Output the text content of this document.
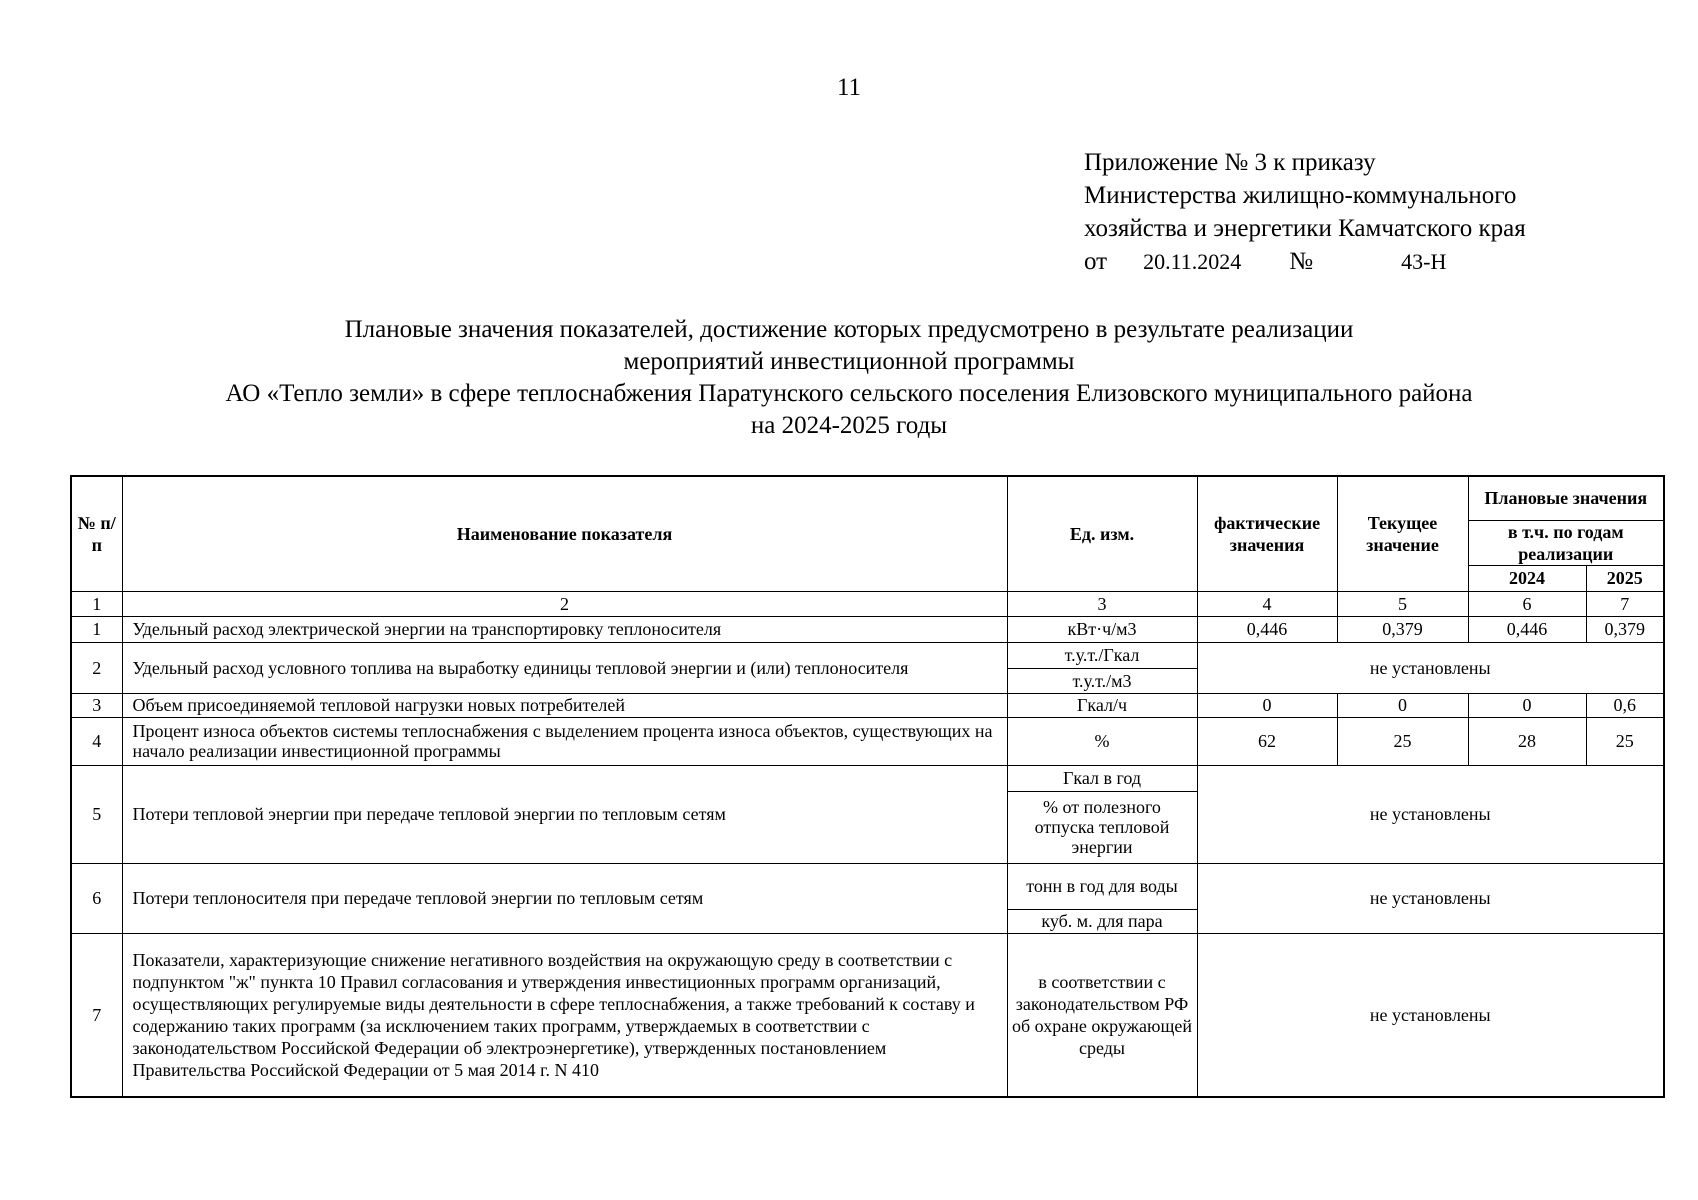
11
Приложение № 3 к приказу
Министерства жилищно-коммунального
хозяйства и энергетики Камчатского края
от 20.11.2024 №	43-Н
Плановые значения показателей, достижение которых предусмотрено в результате реализации
мероприятий инвестиционной программы
АО «Тепло земли» в сфере теплоснабжения Паратунского сельского поселения Елизовского муниципального района
на 2024-2025 годы
№ п/п	Наименование показателя	Ед. изм.	фактические значения	Текущее значение	Плановые значения	
					в т.ч. по годам реализации	
					2024	2025
1	2	3	4	5	6	7
1	Удельный расход электрической энергии на транспортировку теплоносителя	кВт·ч/м3	0,446	0,379	0,446	0,379
2	Удельный расход условного топлива на выработку единицы тепловой энергии и (или) теплоносителя	т.у.т./Гкал	не установлены			
		т.у.т./м3				
3	Объем присоединяемой тепловой нагрузки новых потребителей	Гкал/ч	0	0	0	0,6
4	Процент износа объектов системы теплоснабжения с выделением процента износа объектов, существующих на начало реализации инвестиционной программы	%	62	25	28	25
5	Потери тепловой энергии при передаче тепловой энергии по тепловым сетям	Гкал в год	не установлены			
		% от полезного отпуска тепловой энергии				
6	Потери теплоносителя при передаче тепловой энергии по тепловым сетям	тонн в год для воды	не установлены			
		куб. м. для пара				
7	Показатели, характеризующие снижение негативного воздействия на окружающую среду в соответствии с подпунктом "ж" пункта 10 Правил согласования и утверждения инвестиционных программ организаций, осуществляющих регулируемые виды деятельности в сфере теплоснабжения, а также требований к составу и содержанию таких программ (за исключением таких программ, утверждаемых в соответствии с законодательством Российской Федерации об электроэнергетике), утвержденных постановлением Правительства Российской Федерации от 5 мая 2014 г. N 410	в соответствии с законодательством РФ об охране окружающей среды	не установлены			
